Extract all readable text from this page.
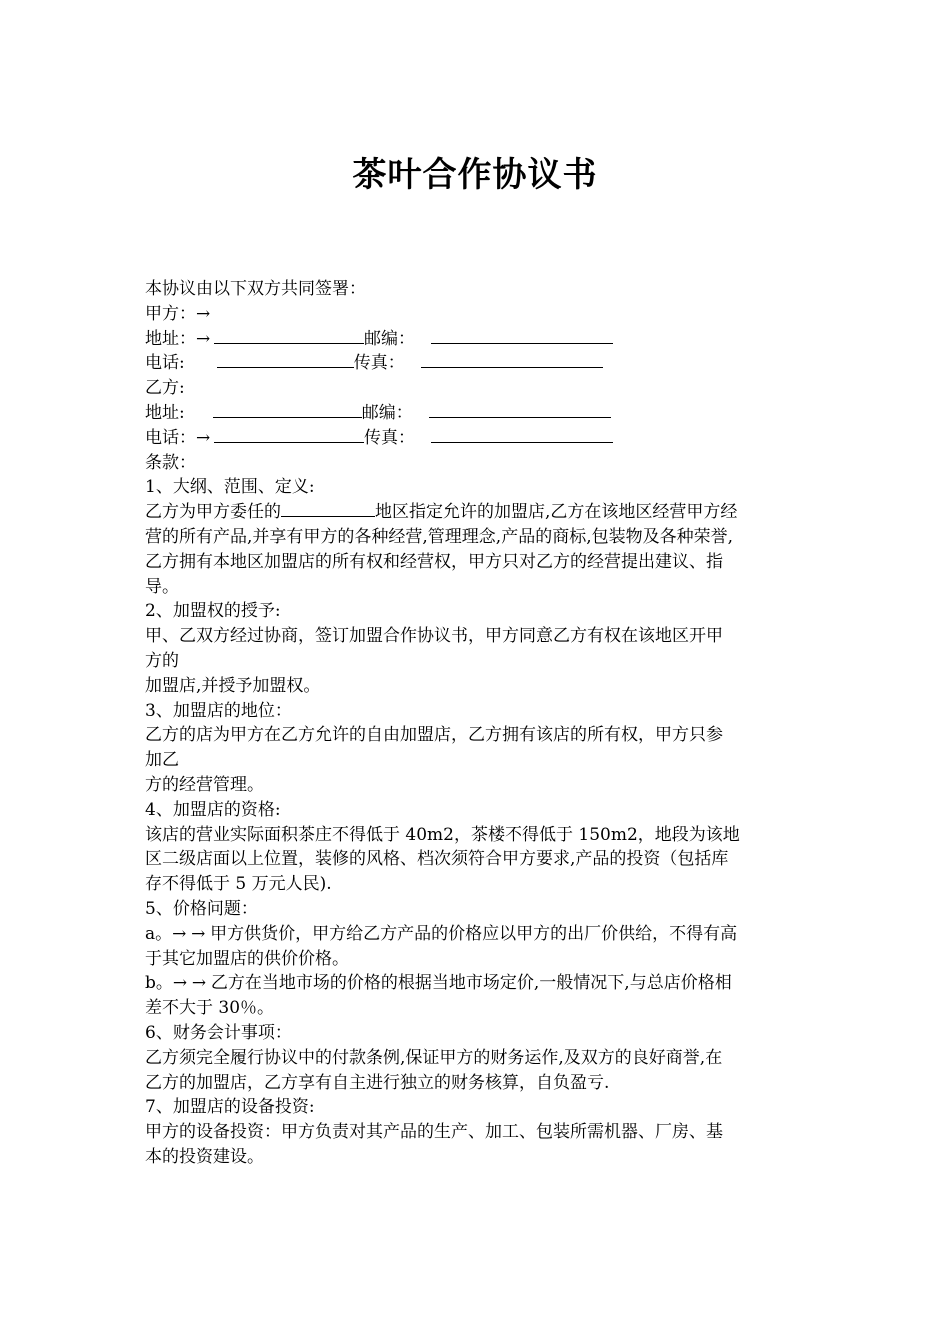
茶叶合作协议书
本协议由以下双方共同签署：
甲方：→
地址：→	邮编：
电话:	传真：
乙方:
地址:	邮编：
电话：→	传真：
条款：
1、大纲、范围、定义:
乙方为甲方委任的	地区指定允许的加盟店,乙方在该地区经营甲方经
营的所有产品,并享有甲方的各种经营,管理理念,产品的商标,包装物及各种荣誉,
乙方拥有本地区加盟店的所有权和经营权，甲方只对乙方的经营提出建议、指
导。
2、加盟权的授予:
甲、乙双方经过协商，签订加盟合作协议书，甲方同意乙方有权在该地区开甲
方的
加盟店,并授予加盟权。
3、加盟店的地位：
乙方的店为甲方在乙方允许的自由加盟店，乙方拥有该店的所有权，甲方只参
加乙
方的经营管理。
4、加盟店的资格:
该店的营业实际面积茶庄不得低于 40m2，茶楼不得低于 150m2，地段为该地
区二级店面以上位置，装修的风格、档次须符合甲方要求,产品的投资（包括库
存不得低于 5 万元人民).
5、价格问题：
a。→ → 甲方供货价，甲方给乙方产品的价格应以甲方的出厂价供给，不得有高
于其它加盟店的供价价格。
b。→ → 乙方在当地市场的价格的根据当地市场定价,一般情况下,与总店价格相
差不大于 30％。
6、财务会计事项：
乙方须完全履行协议中的付款条例,保证甲方的财务运作,及双方的良好商誉,在
乙方的加盟店，乙方享有自主进行独立的财务核算，自负盈亏.
7、加盟店的设备投资:
甲方的设备投资：甲方负责对其产品的生产、加工、包装所需机器、厂房、基
本的投资建设。
